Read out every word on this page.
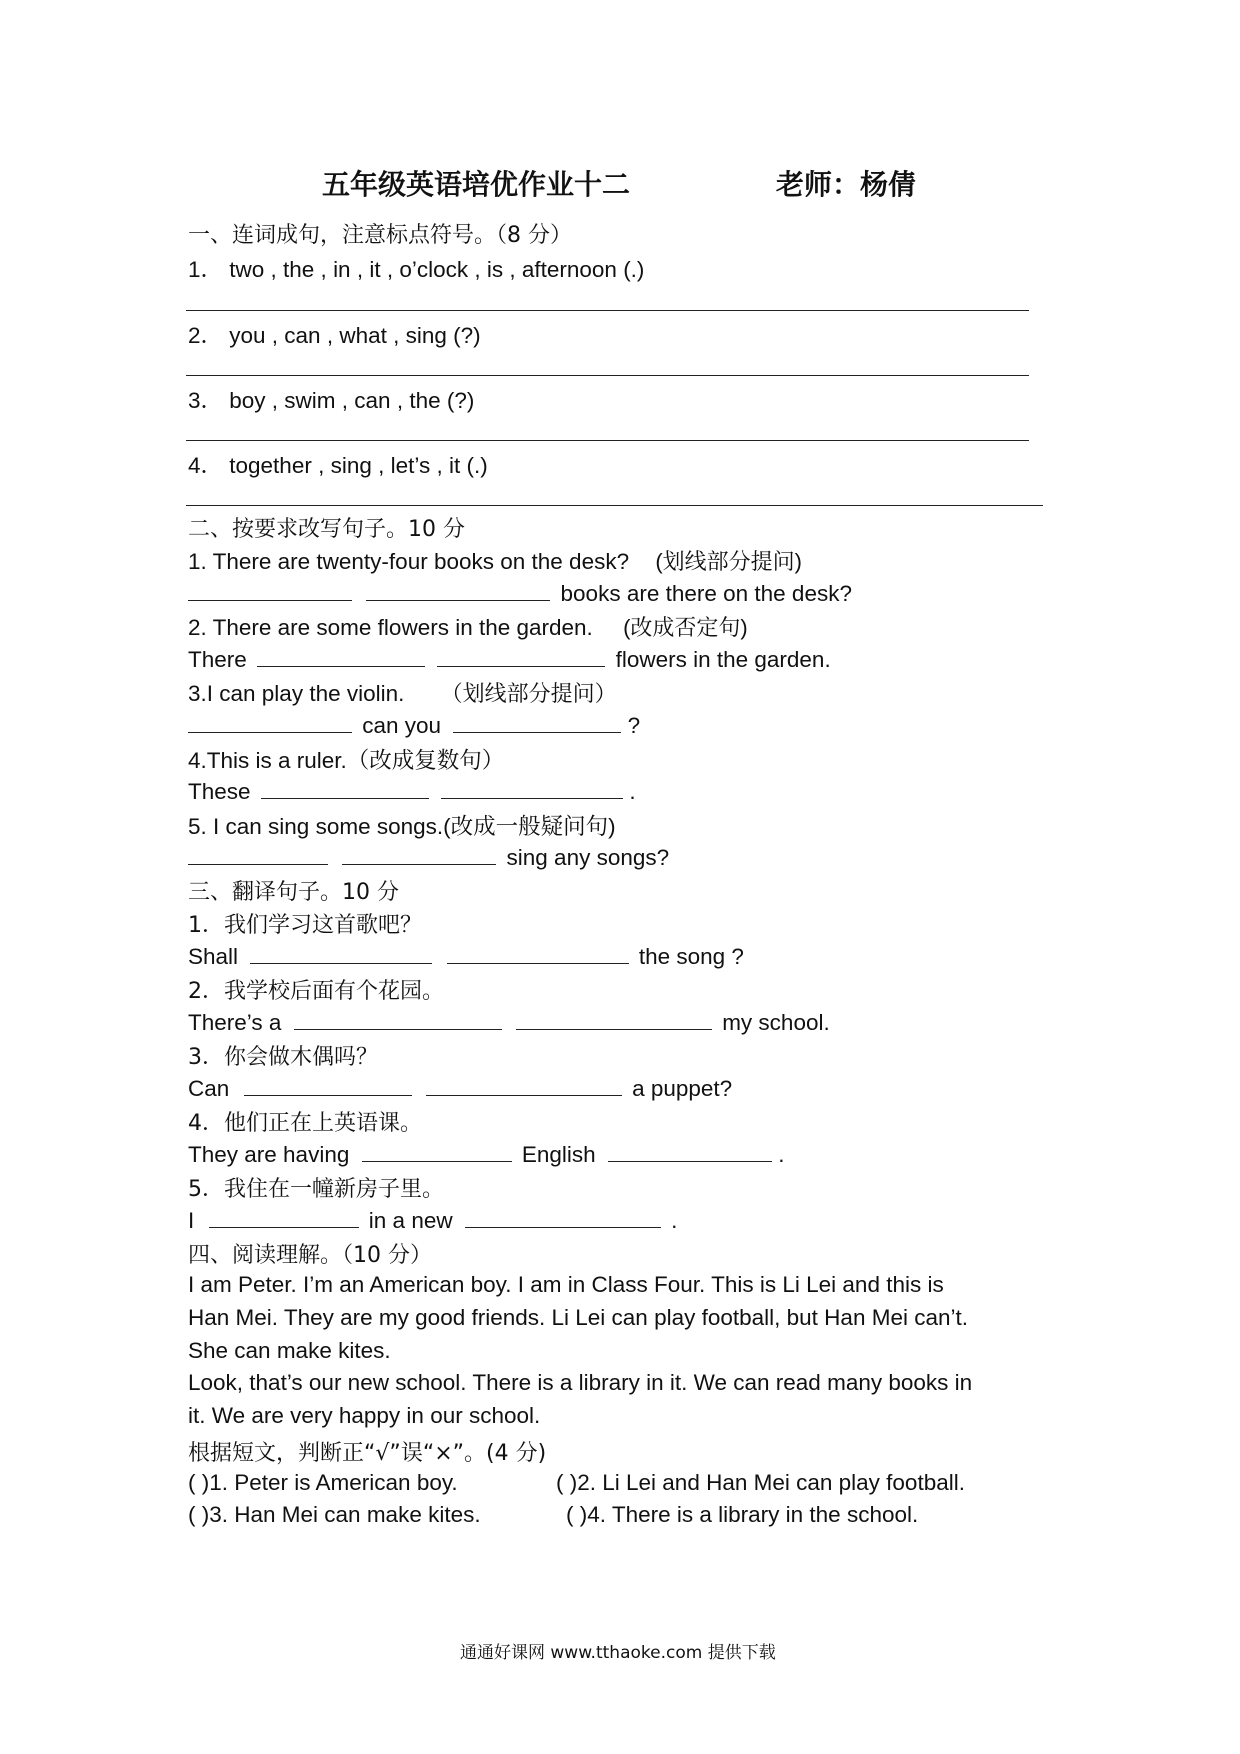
五年级英语培优作业十二	老师：杨倩
一、连词成句，注意标点符号。（8 分）
1． two , the , in , it , o’clock , is , afternoon (.)
2． you , can , what , sing (?)
3． boy , swim , can , the (?)
4． together , sing , let’s , it (.)
二、按要求改写句子。10 分
1. There are twenty-four books on the desk? (划线部分提问)
books are there on the desk?
2. There are some flowers in the garden. (改成否定句)
There	flowers in the garden.
3.I can play the violin. （划线部分提问）
can you	?
4.This is a ruler.（改成复数句）
These	.
5. I can sing some songs.(改成一般疑问句)
sing any songs?
三、翻译句子。10 分
1．我们学习这首歌吧？
Shall	the song ?
2．我学校后面有个花园。
There’s a	my school.
3．你会做木偶吗？
Can	a puppet?
4．他们正在上英语课。
They are having	English	.
5．我住在一幢新房子里。
I	in a new	.
四、阅读理解。（10 分）
I am Peter. I’m an American boy. I am in Class Four. This is Li Lei and this is
Han Mei. They are my good friends. Li Lei can play football, but Han Mei can’t.
She can make kites.
Look, that’s our new school. There is a library in it. We can read many books in
it. We are very happy in our school.
根据短文，判断正“√”误“×”。(4 分)
( )1. Peter is American boy.	( )2. Li Lei and Han Mei can play football.
( )3. Han Mei can make kites.	( )4. There is a library in the school.
通通好课网 www.tthaoke.com 提供下载
